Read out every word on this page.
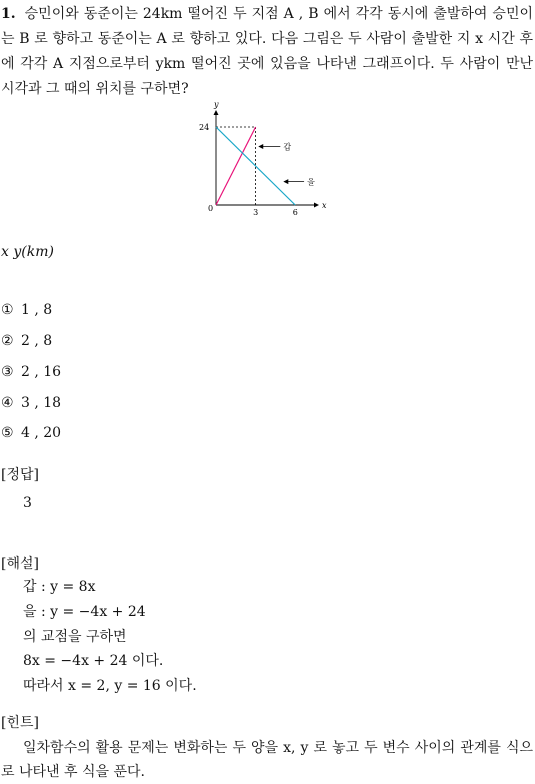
1. 승민이와 동준이는 24km 떨어진 두 지점 A , B 에서 각각 동시에 출발하여 승민이는 B 로 향하고 동준이는 A 로 향하고 있다. 다음 그림은 두 사람이 출발한 지 x 시간 후에 각각 A 지점으로부터 ykm 떨어진 곳에 있음을 나타낸 그래프이다. 두 사람이 만난 시각과 그 때의 위치를 구하면?
x
y
0
24
3	6
갑
을
x y(km)
① 1 , 8
② 2 , 8
③ 2 , 16
④ 3 , 18
⑤ 4 , 20
[정답]
3
[해설]
갑 : y = 8x
을 : y = −4x + 24
의 교점을 구하면
8x = −4x + 24 이다.
따라서 x = 2, y = 16 이다.
[힌트]
일차함수의 활용 문제는 변화하는 두 양을 x, y 로 놓고 두 변수 사이의 관계를 식으로 나타낸 후 식을 푼다.
